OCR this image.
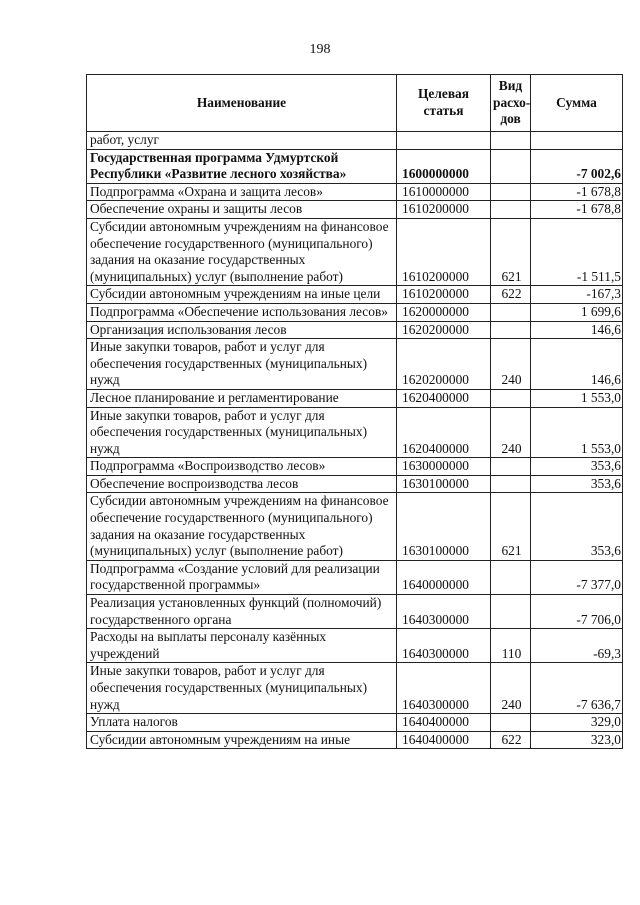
198
Наименование	Целевая статья	Вид расхо-дов	Сумма
работ, услуг			
Государственная программа Удмуртской Республики «Развитие лесного хозяйства»	1600000000		-7 002,6
Подпрограмма «Охрана и защита лесов»	1610000000		-1 678,8
Обеспечение охраны и защиты лесов	1610200000		-1 678,8
Субсидии автономным учреждениям на финансовое обеспечение государственного (муниципального) задания на оказание государственных (муниципальных) услуг (выполнение работ)	1610200000	621	-1 511,5
Субсидии автономным учреждениям на иные цели	1610200000	622	-167,3
Подпрограмма «Обеспечение использования лесов»	1620000000		1 699,6
Организация использования лесов	1620200000		146,6
Иные закупки товаров, работ и услуг для обеспечения государственных (муниципальных) нужд	1620200000	240	146,6
Лесное планирование и регламентирование	1620400000		1 553,0
Иные закупки товаров, работ и услуг для обеспечения государственных (муниципальных) нужд	1620400000	240	1 553,0
Подпрограмма «Воспроизводство лесов»	1630000000		353,6
Обеспечение воспроизводства лесов	1630100000		353,6
Субсидии автономным учреждениям на финансовое обеспечение государственного (муниципального) задания на оказание государственных (муниципальных) услуг (выполнение работ)	1630100000	621	353,6
Подпрограмма «Создание условий для реализации государственной программы»	1640000000		-7 377,0
Реализация установленных функций (полномочий) государственного органа	1640300000		-7 706,0
Расходы на выплаты персоналу казённых учреждений	1640300000	110	-69,3
Иные закупки товаров, работ и услуг для обеспечения государственных (муниципальных) нужд	1640300000	240	-7 636,7
Уплата налогов	1640400000		329,0
Субсидии автономным учреждениям на иные	1640400000	622	323,0
